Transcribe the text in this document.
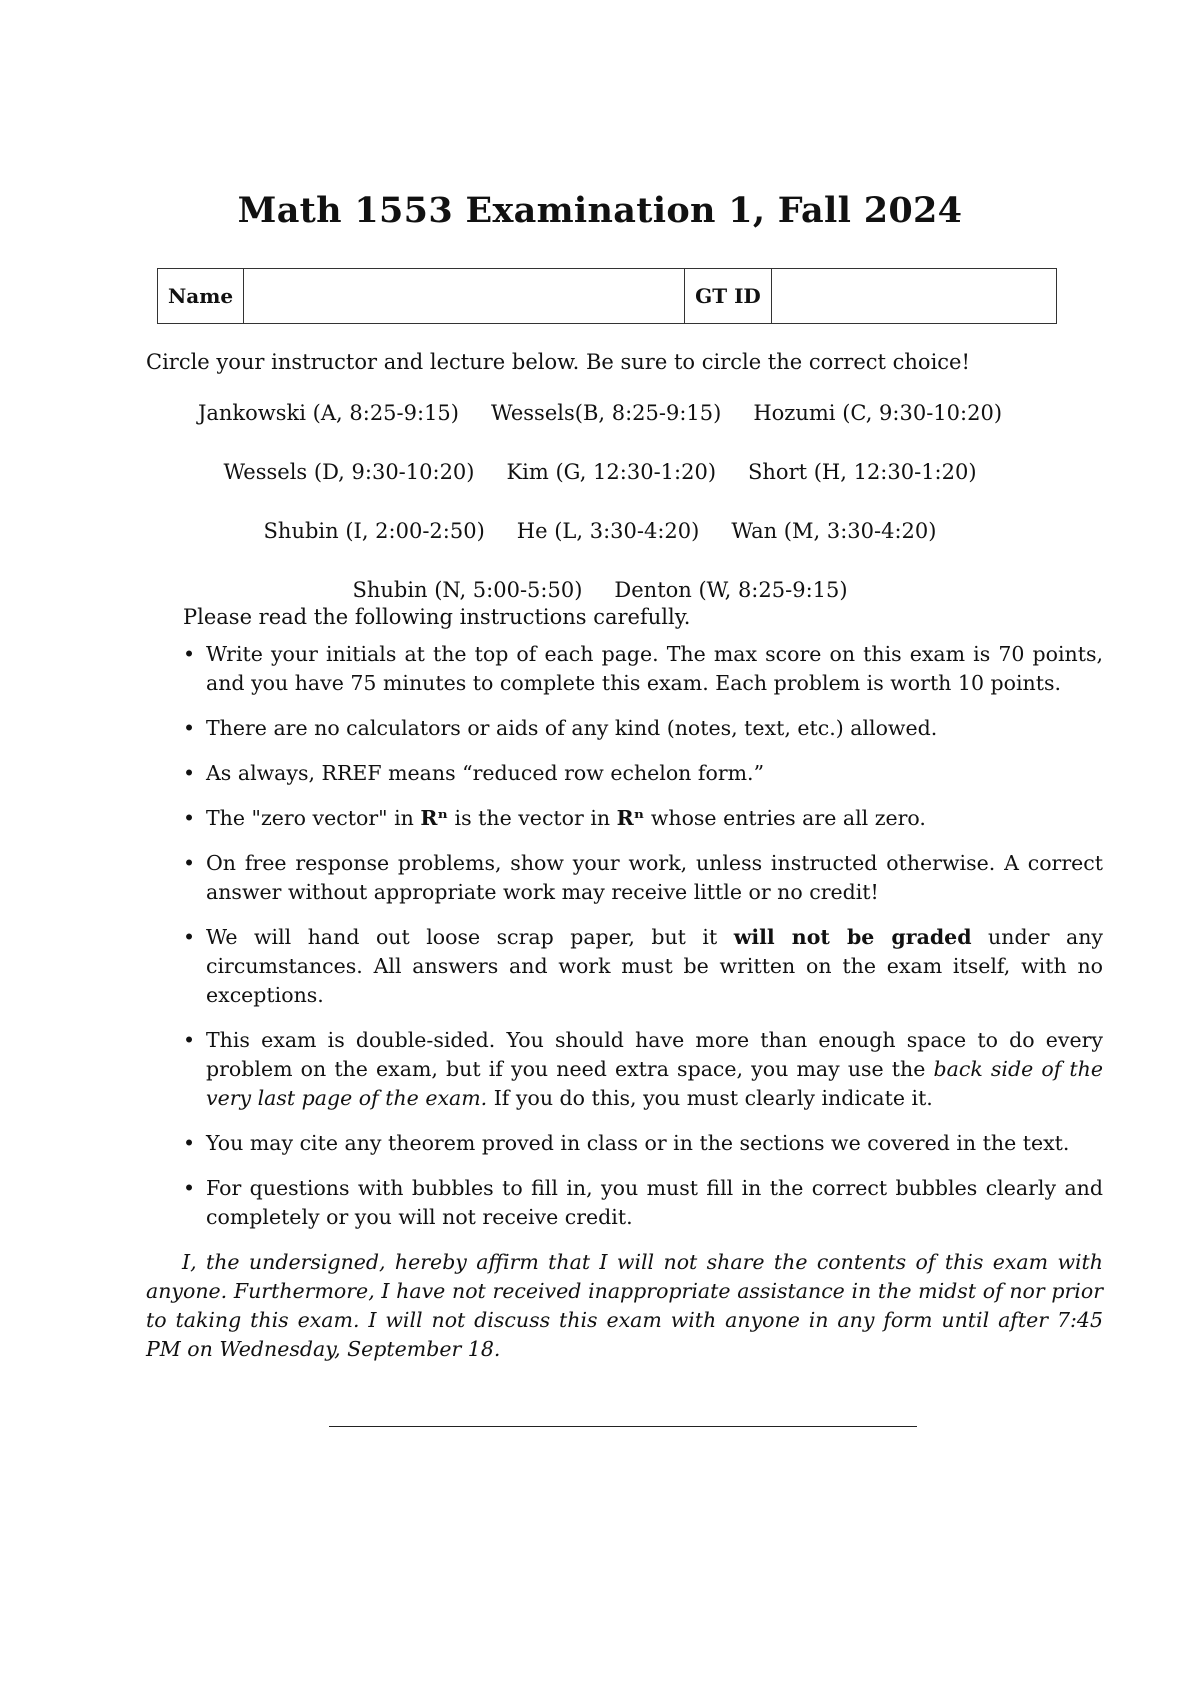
Math 1553 Examination 1, Fall 2024
Name		GT ID	
Circle your instructor and lecture below. Be sure to circle the correct choice!
Jankowski (A, 8:25-9:15) Wessels(B, 8:25-9:15) Hozumi (C, 9:30-10:20)
Wessels (D, 9:30-10:20) Kim (G, 12:30-1:20) Short (H, 12:30-1:20)
Shubin (I, 2:00-2:50) He (L, 3:30-4:20) Wan (M, 3:30-4:20)
Shubin (N, 5:00-5:50) Denton (W, 8:25-9:15)
Please read the following instructions carefully.
• Write your initials at the top of each page. The max score on this exam is 70 points, and you have 75 minutes to complete this exam. Each problem is worth 10 points.
• There are no calculators or aids of any kind (notes, text, etc.) allowed.
• As always, RREF means “reduced row echelon form.”
• The "zero vector" in Rⁿ is the vector in Rⁿ whose entries are all zero.
• On free response problems, show your work, unless instructed otherwise. A correct answer without appropriate work may receive little or no credit!
• We will hand out loose scrap paper, but it will not be graded under any circumstances. All answers and work must be written on the exam itself, with no exceptions.
• This exam is double-sided. You should have more than enough space to do every problem on the exam, but if you need extra space, you may use the back side of the very last page of the exam. If you do this, you must clearly indicate it.
• You may cite any theorem proved in class or in the sections we covered in the text.
• For questions with bubbles to fill in, you must fill in the correct bubbles clearly and completely or you will not receive credit.
I, the undersigned, hereby affirm that I will not share the contents of this exam with anyone. Furthermore, I have not received inappropriate assistance in the midst of nor prior to taking this exam. I will not discuss this exam with anyone in any form until after 7:45 PM on Wednesday, September 18.
